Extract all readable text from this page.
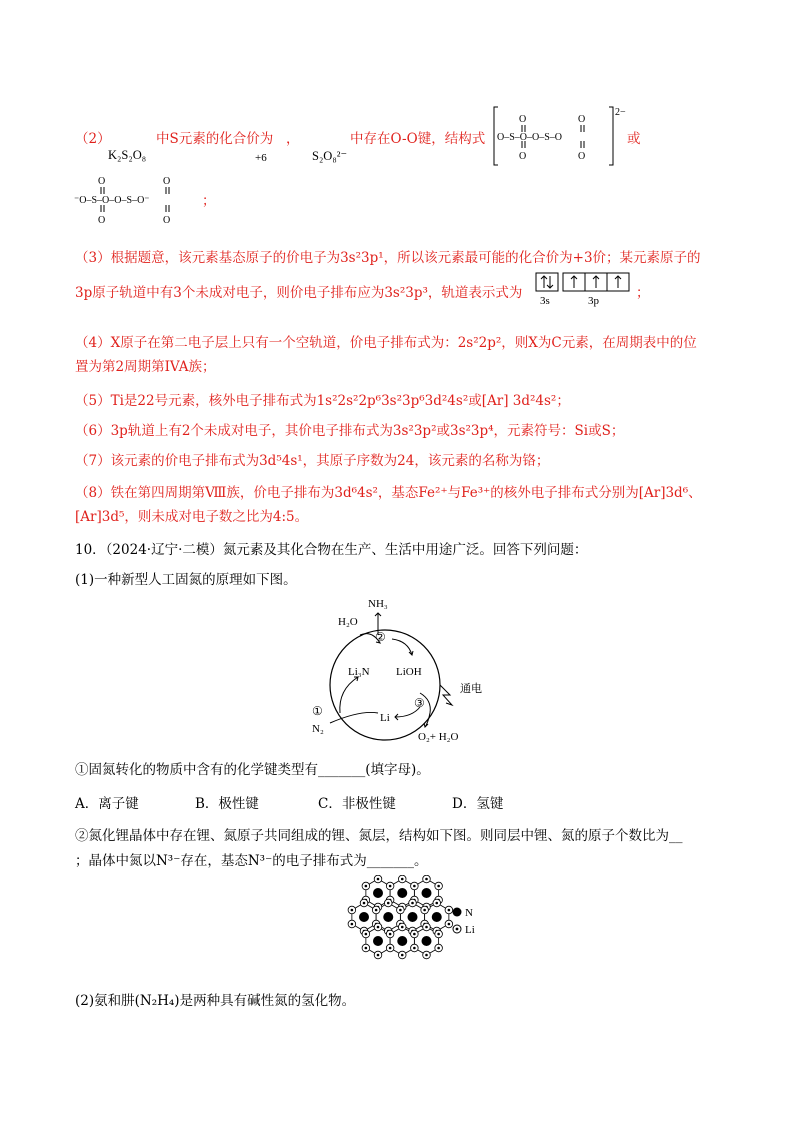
（2）	中S元素的化合价为
K₂S₂O₈	+6
，
S₂O₈²⁻
中存在O-O键，结构式	或
O
O
O
O
O–S–O–O–S–O
2−
O
O
O
O
⁻O–S–O–O–S–O⁻	；
（3）根据题意，该元素基态原子的价电子为3s²3p¹，所以该元素最可能的化合价为+3价；某元素原子的
3p原子轨道中有3个未成对电子，则价电子排布应为3s²3p³，轨道表示式为 3s	3p	；
（4）X原子在第二电子层上只有一个空轨道，价电子排布式为：2s²2p²，则X为C元素，在周期表中的位
置为第2周期第IVA族；
（5）Ti是22号元素，核外电子排布式为1s²2s²2p⁶3s²3p⁶3d²4s²或[Ar] 3d²4s²；
（6）3p轨道上有2个未成对电子，其价电子排布式为3s²3p²或3s²3p⁴，元素符号：Si或S；
（7）该元素的价电子排布式为3d⁵4s¹，其原子序数为24，该元素的名称为铬；
（8）铁在第四周期第Ⅷ族，价电子排布为3d⁶4s²，基态Fe²⁺与Fe³⁺的核外电子排布式分别为[Ar]3d⁶、
[Ar]3d⁵，则未成对电子数之比为4:5。
10．（2024·辽宁·二模）氮元素及其化合物在生产、生活中用途广泛。回答下列问题：
(1)一种新型人工固氮的原理如下图。
NH₃
H₂O
②
Li₃N LiOH
③
通电
Li
①
N₂
O₂+ H₂O
①固氮转化的物质中含有的化学键类型有_______(填字母)。
A．离子键	B．极性键	C．非极性键	D．氢键
②氮化锂晶体中存在锂、氮原子共同组成的锂、氮层，结构如下图。则同层中锂、氮的原子个数比为__
；晶体中氮以N³⁻存在，基态N³⁻的电子排布式为_______。
N
Li
(2)氨和肼(N₂H₄)是两种具有碱性氮的氢化物。
